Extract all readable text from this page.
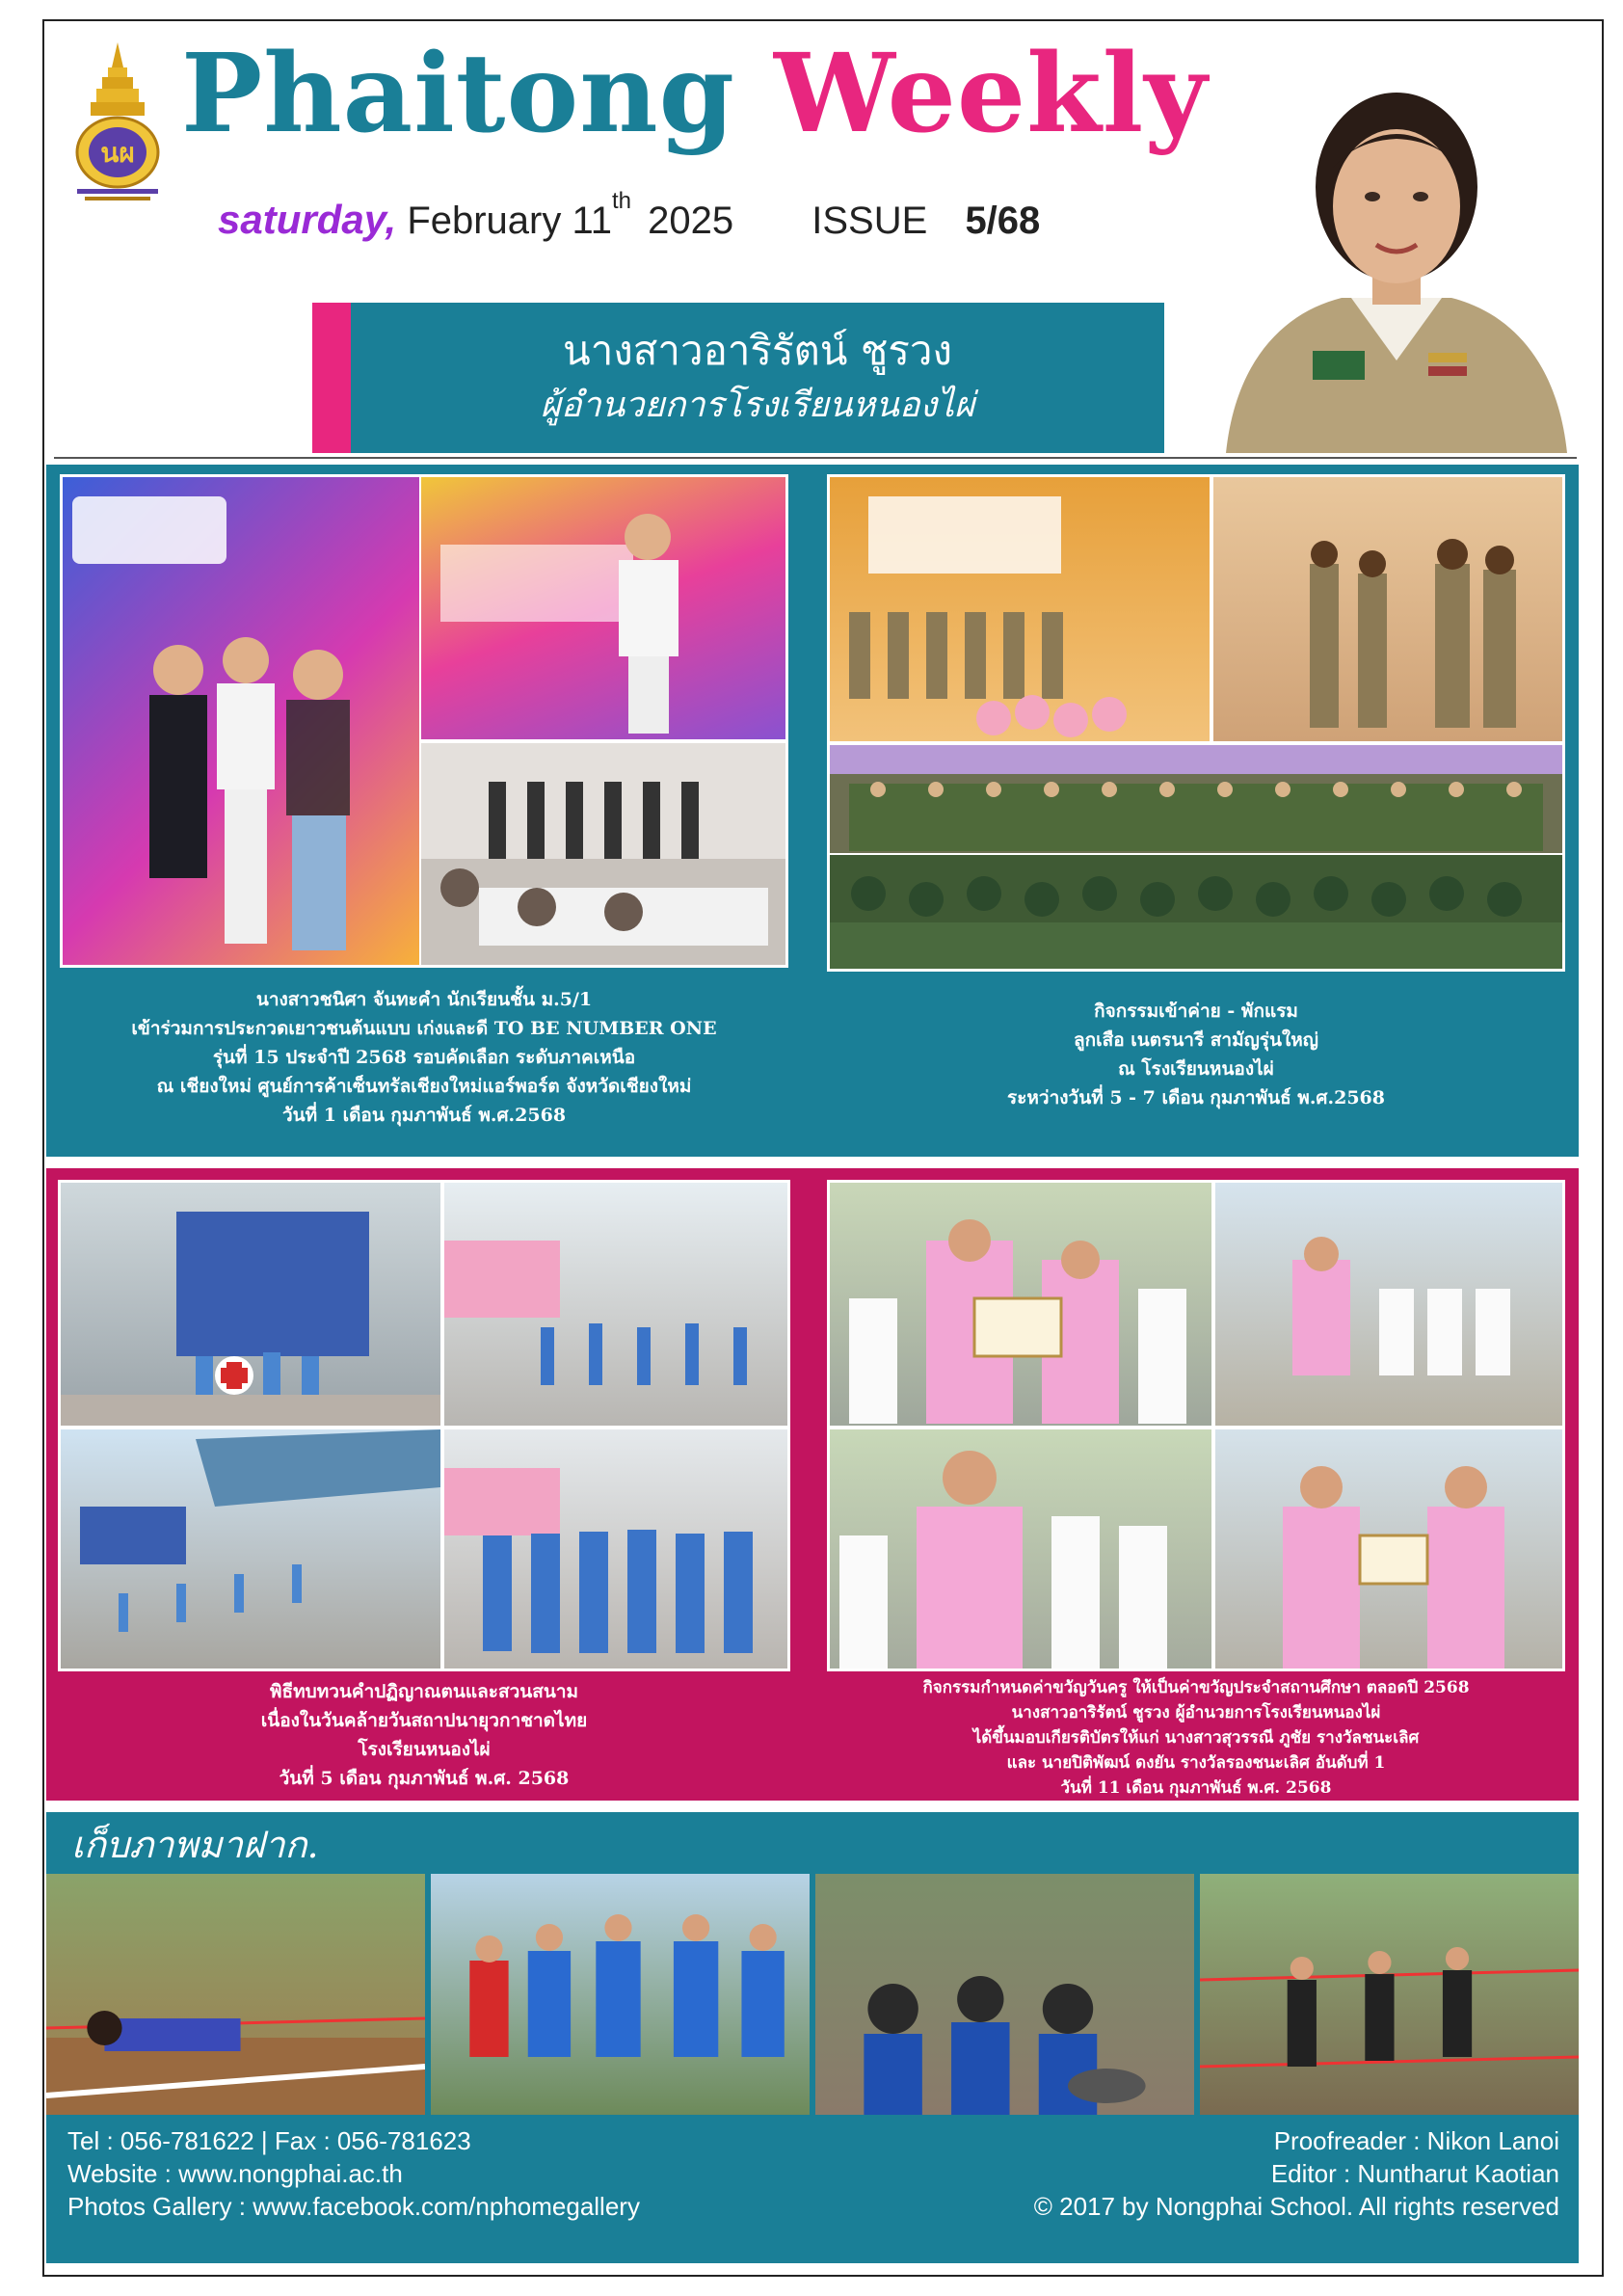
นผ Phaitong Weekly
saturday, February 11th 2025 ISSUE 5/68
นางสาวอาริรัตน์ ชูรวง
ผู้อำนวยการโรงเรียนหนองไผ่
นางสาวชนิศา จันทะคำ นักเรียนชั้น ม.5/1
เข้าร่วมการประกวดเยาวชนต้นแบบ เก่งและดี TO BE NUMBER ONE
รุ่นที่ 15 ประจำปี 2568 รอบคัดเลือก ระดับภาคเหนือ
ณ เชียงใหม่ ศูนย์การค้าเซ็นทรัลเชียงใหม่แอร์พอร์ต จังหวัดเชียงใหม่
วันที่ 1 เดือน กุมภาพันธ์ พ.ศ.2568
กิจกรรมเข้าค่าย - พักแรม
ลูกเสือ เนตรนารี สามัญรุ่นใหญ่
ณ โรงเรียนหนองไผ่
ระหว่างวันที่ 5 - 7 เดือน กุมภาพันธ์ พ.ศ.2568
พิธีทบทวนคำปฏิญาณตนและสวนสนาม
เนื่องในวันคล้ายวันสถาปนายุวกาชาดไทย
โรงเรียนหนองไผ่
วันที่ 5 เดือน กุมภาพันธ์ พ.ศ. 2568
กิจกรรมกำหนดค่าขวัญวันครู ให้เป็นค่าขวัญประจำสถานศึกษา ตลอดปี 2568
นางสาวอาริรัตน์ ชูรวง ผู้อำนวยการโรงเรียนหนองไผ่
ได้ขึ้นมอบเกียรติบัตรให้แก่ นางสาวสุวรรณี ภูชัย รางวัลชนะเลิศ
และ นายปิติพัฒน์ ดงยัน รางวัลรองชนะเลิศ อันดับที่ 1
วันที่ 11 เดือน กุมภาพันธ์ พ.ศ. 2568
เก็บภาพมาฝาก.
Tel : 056-781622 | Fax : 056-781623
Website : www.nongphai.ac.th
Photos Gallery : www.facebook.com/nphomegallery
Proofreader : Nikon Lanoi
Editor : Nuntharut Kaotian
© 2017 by Nongphai School. All rights reserved
